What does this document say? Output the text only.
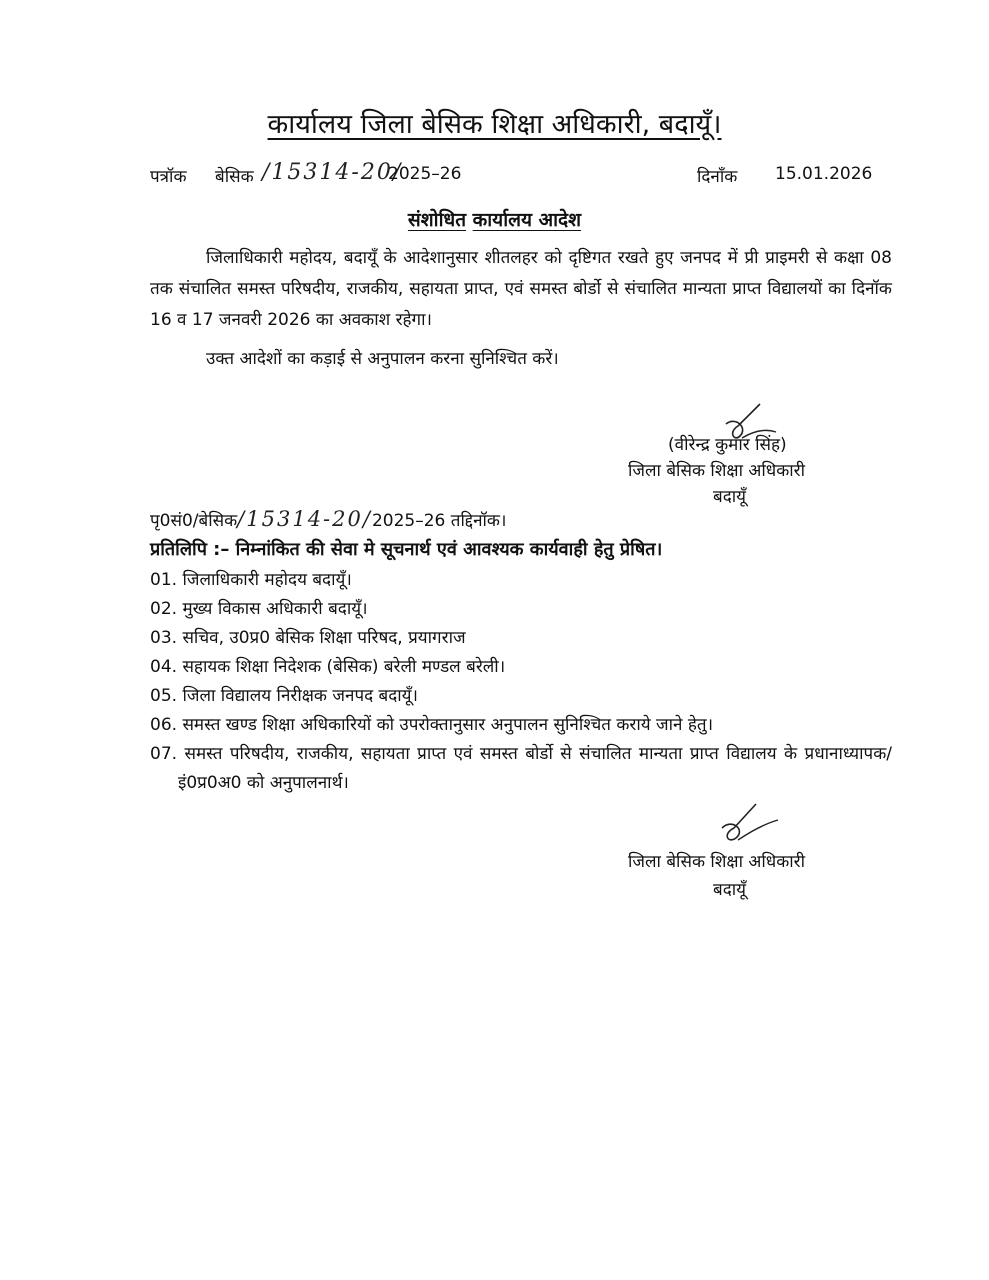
कार्यालय जिला बेसिक शिक्षा अधिकारी, बदायूँ।
पत्रॉक बेसिक /15314-20/
2025–26	दिनाँक 15.01.2026
संशोधित कार्यालय आदेश
जिलाधिकारी महोदय, बदायूँ के आदेशानुसार शीतलहर को दृष्टिगत रखते हुए जनपद में प्री प्राइमरी से कक्षा 08 तक संचालित समस्त परिषदीय, राजकीय, सहायता प्राप्त, एवं समस्त बोर्डो से संचालित मान्यता प्राप्त विद्यालयों का दिनॉक 16 व 17 जनवरी 2026 का अवकाश रहेगा।
उक्त आदेशों का कड़ाई से अनुपालन करना सुनिश्चित करें।
(वीरेन्द्र कुमार सिंह)
जिला बेसिक शिक्षा अधिकारी
बदायूँ
पृ0सं0/बेसिक/15314-20/2025–26 तद्दिनॉक।
प्रतिलिपि :– निम्नांकित की सेवा मे सूचनार्थ एवं आवश्यक कार्यवाही हेतु प्रेषित।
01. जिलाधिकारी महोदय बदायूँ।
02. मुख्य विकास अधिकारी बदायूँ।
03. सचिव, उ0प्र0 बेसिक शिक्षा परिषद, प्रयागराज
04. सहायक शिक्षा निदेशक (बेसिक) बरेली मण्डल बरेली।
05. जिला विद्यालय निरीक्षक जनपद बदायूँ।
06. समस्त खण्ड शिक्षा अधिकारियों को उपरोक्तानुसार अनुपालन सुनिश्चित कराये जाने हेतु।
07. समस्त परिषदीय, राजकीय, सहायता प्राप्त एवं समस्त बोर्डो से संचालित मान्यता प्राप्त विद्यालय के प्रधानाध्यापक/इं0प्र0अ0 को अनुपालनार्थ।
जिला बेसिक शिक्षा अधिकारी
बदायूँ
